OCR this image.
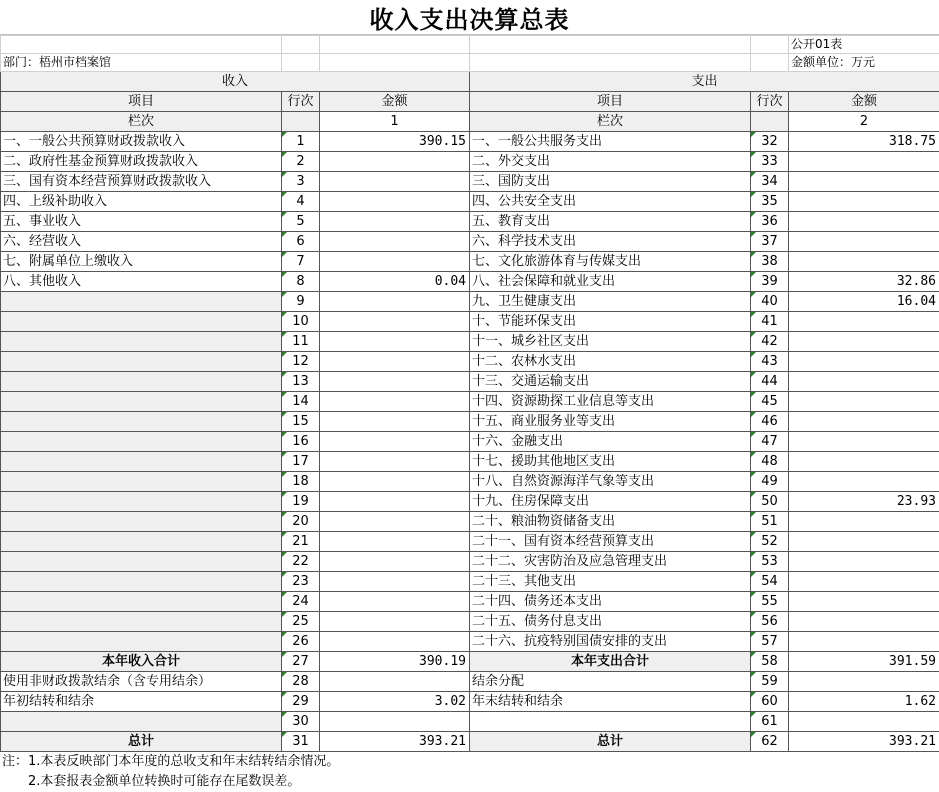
收入支出决算总表
					公开01表
部门：梧州市档案馆					金额单位：万元
收入			支出		
项目	行次	金额	项目	行次	金额
栏次		1	栏次		2
一、一般公共预算财政拨款收入	1	390.15	一、一般公共服务支出	32	318.75
二、政府性基金预算财政拨款收入	2		二、外交支出	33	
三、国有资本经营预算财政拨款收入	3		三、国防支出	34	
四、上级补助收入	4		四、公共安全支出	35	
五、事业收入	5		五、教育支出	36	
六、经营收入	6		六、科学技术支出	37	
七、附属单位上缴收入	7		七、文化旅游体育与传媒支出	38	
八、其他收入	8	0.04	八、社会保障和就业支出	39	32.86
	9		九、卫生健康支出	40	16.04
	10		十、节能环保支出	41	
	11		十一、城乡社区支出	42	
	12		十二、农林水支出	43	
	13		十三、交通运输支出	44	
	14		十四、资源勘探工业信息等支出	45	
	15		十五、商业服务业等支出	46	
	16		十六、金融支出	47	
	17		十七、援助其他地区支出	48	
	18		十八、自然资源海洋气象等支出	49	
	19		十九、住房保障支出	50	23.93
	20		二十、粮油物资储备支出	51	
	21		二十一、国有资本经营预算支出	52	
	22		二十二、灾害防治及应急管理支出	53	
	23		二十三、其他支出	54	
	24		二十四、债务还本支出	55	
	25		二十五、债务付息支出	56	
	26		二十六、抗疫特别国债安排的支出	57	
本年收入合计	27	390.19	本年支出合计	58	391.59
使用非财政拨款结余（含专用结余）	28		结余分配	59	
年初结转和结余	29	3.02	年末结转和结余	60	1.62
	30			61	
总计	31	393.21	总计	62	393.21
注：1.本表反映部门本年度的总收支和年末结转结余情况。
　　2.本套报表金额单位转换时可能存在尾数误差。
